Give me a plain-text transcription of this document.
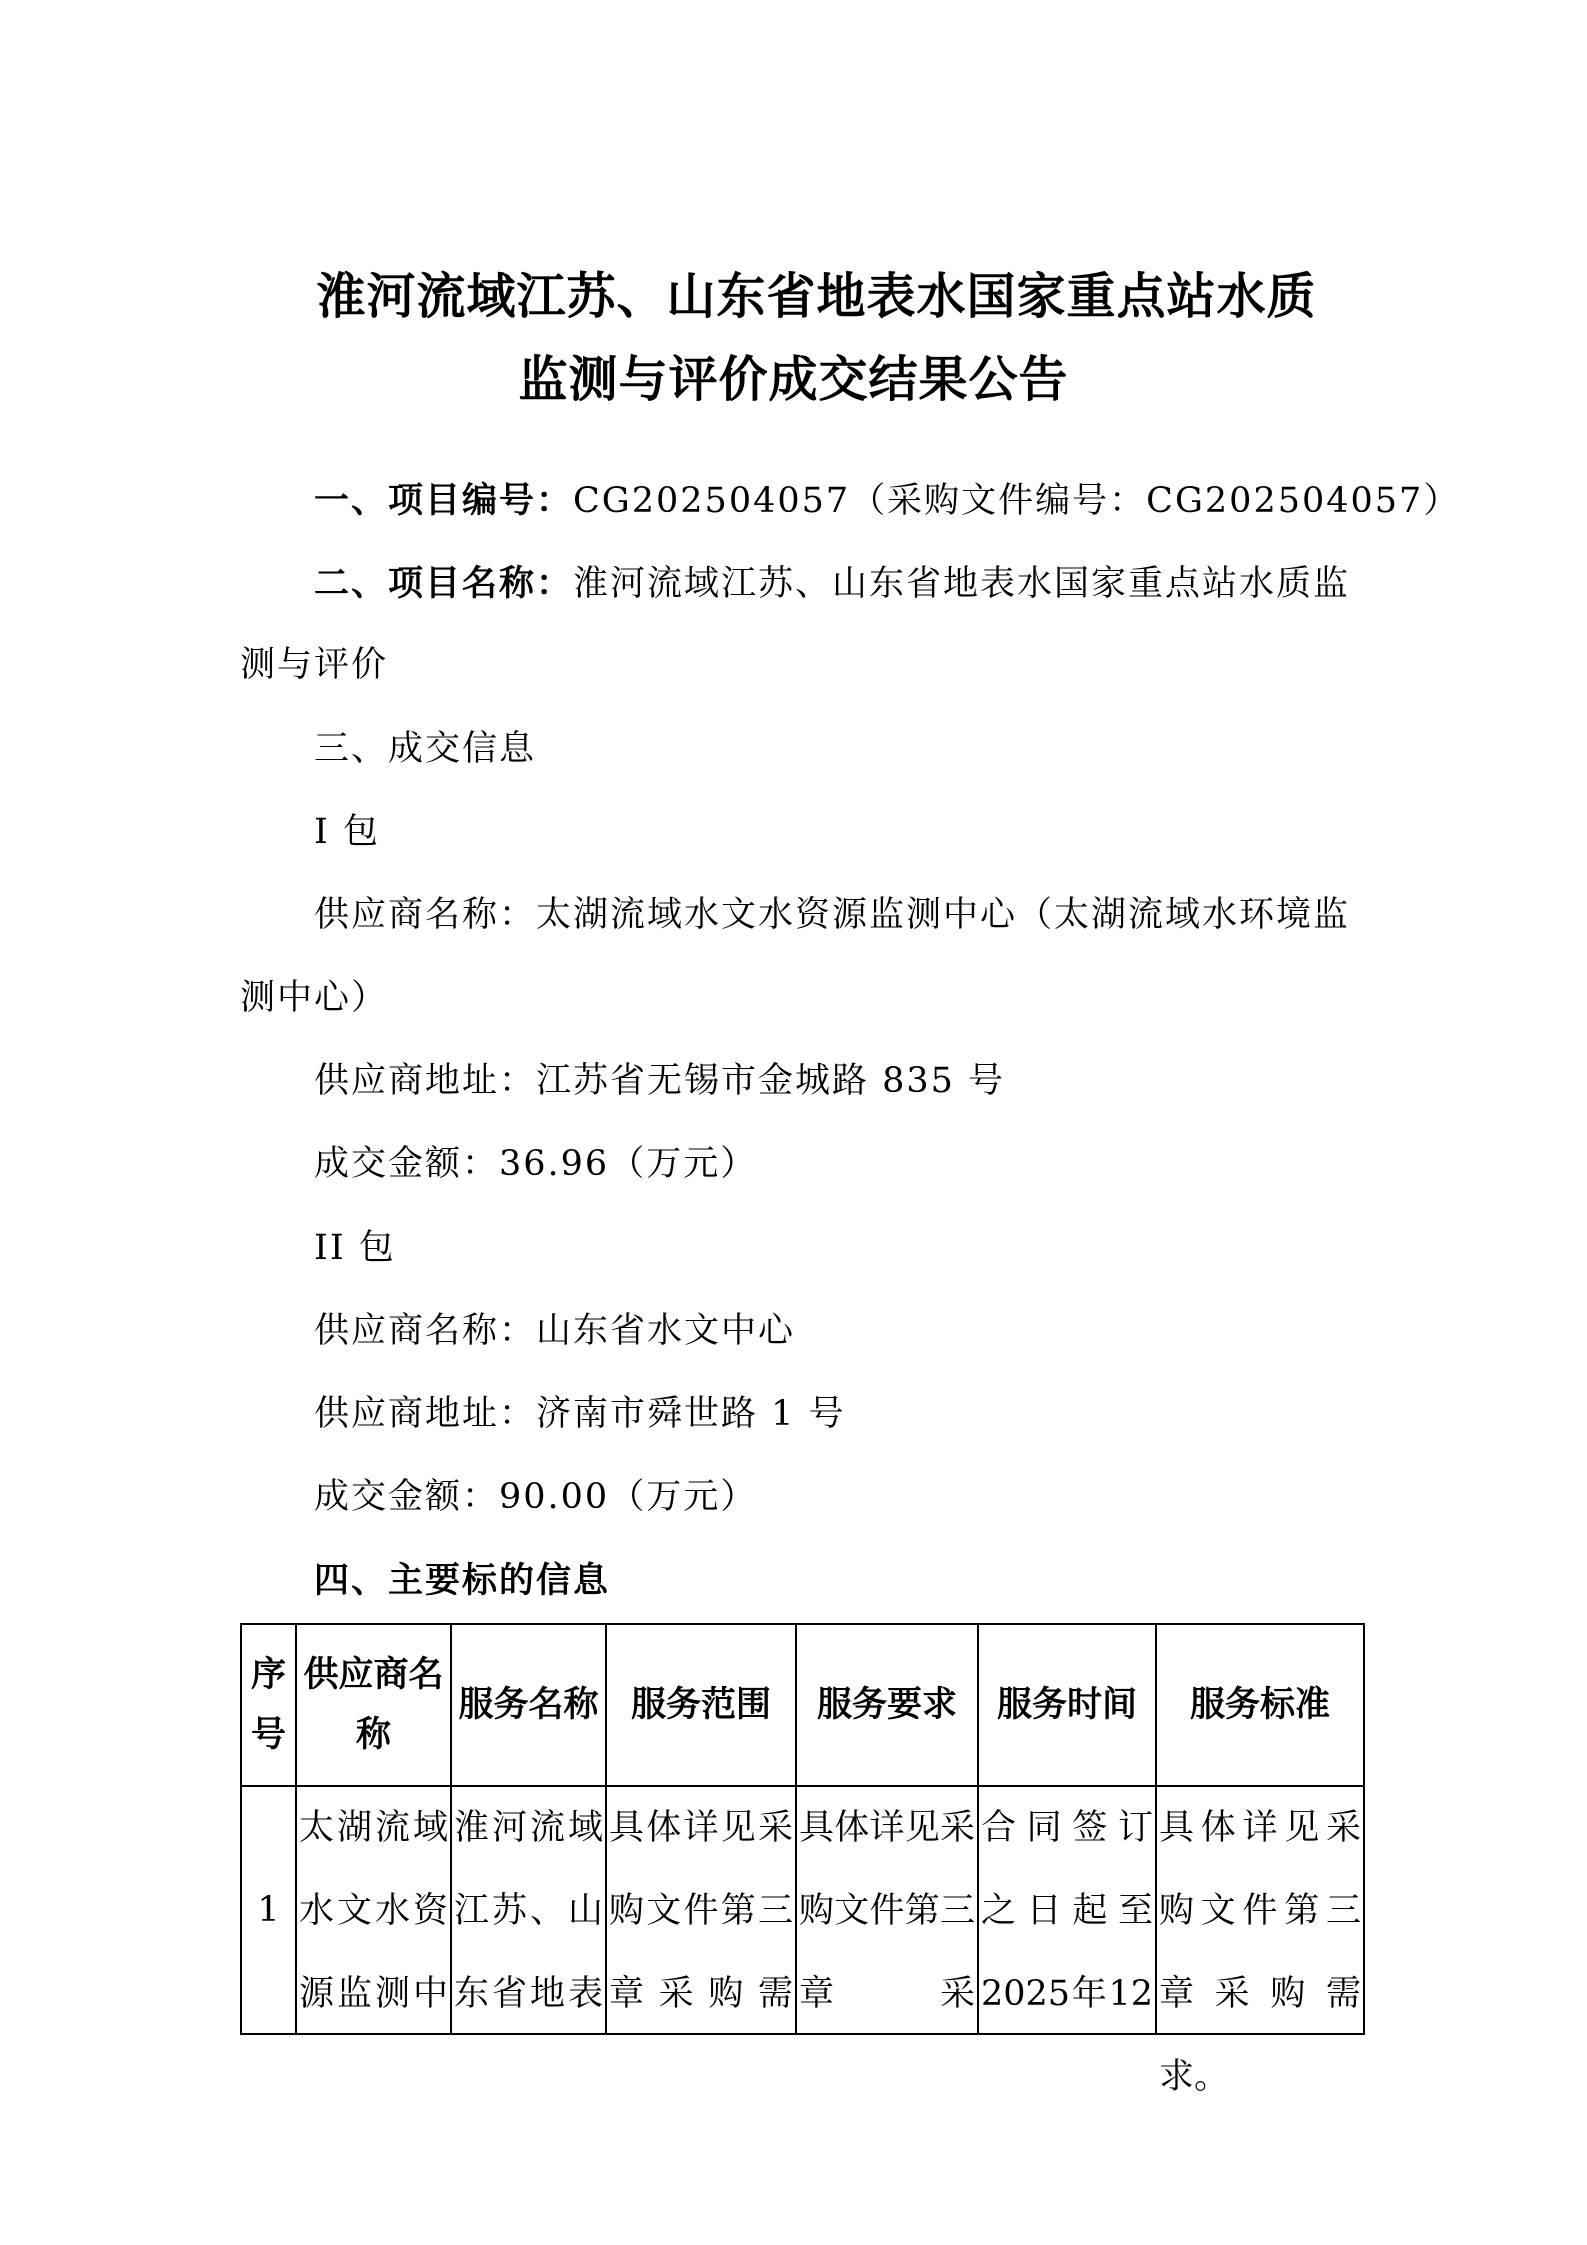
淮河流域江苏、山东省地表水国家重点站水质
监测与评价成交结果公告
一、项目编号：CG202504057（采购文件编号：CG202504057）
二、项目名称：淮河流域江苏、山东省地表水国家重点站水质监
测与评价
三、成交信息
I 包
供应商名称：太湖流域水文水资源监测中心（太湖流域水环境监
测中心）
供应商地址：江苏省无锡市金城路 835 号
成交金额：36.96（万元）
II 包
供应商名称：山东省水文中心
供应商地址：济南市舜世路 1 号
成交金额：90.00（万元）
四、主要标的信息
序号	供应商名称	服务名称	服务范围	服务要求	服务时间	服务标准

1	太湖流域水文水资源监测中	淮河流域江苏、山东省地表	具体详见采购文件第三章采购需	具体详见采购文件第三章采	合同签订之日起至2025年12	具体详见采购文件第三章采购需求。
